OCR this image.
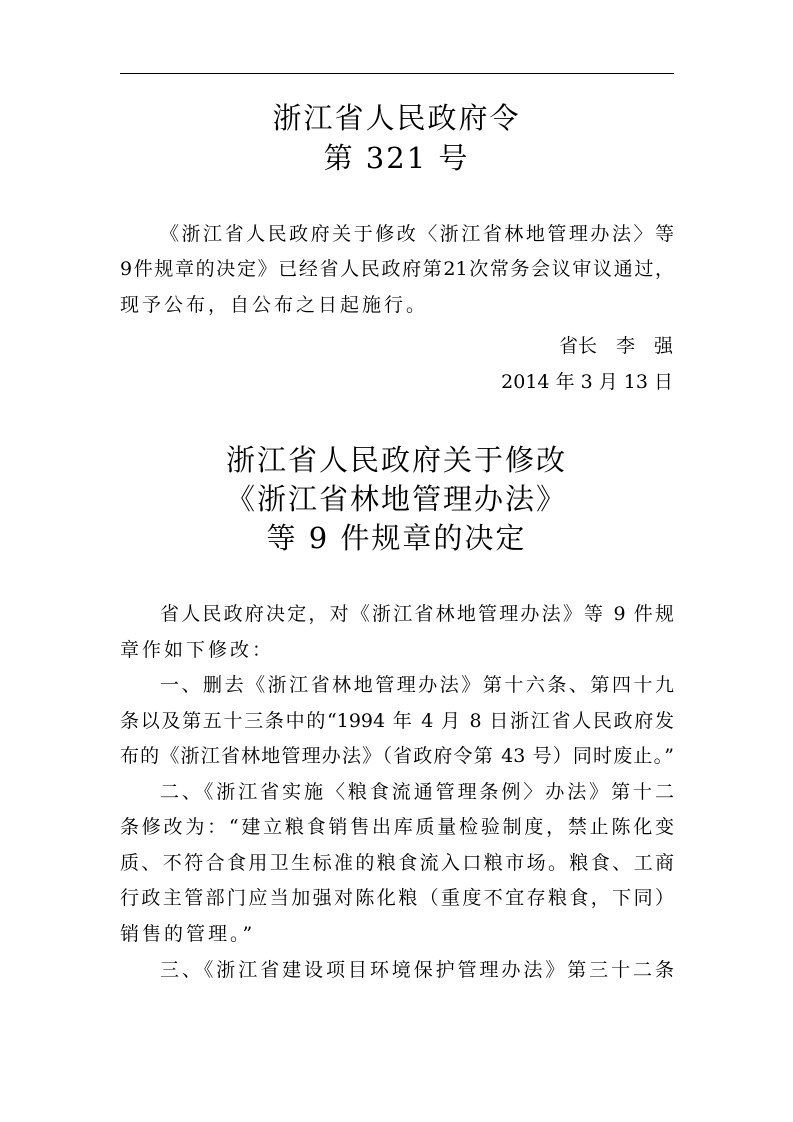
浙江省人民政府令
第 321 号
《浙江省人民政府关于修改〈浙江省林地管理办法〉等
9件规章的决定》已经省人民政府第21次常务会议审议通过，
现予公布，自公布之日起施行。
省长　李　强
2014 年 3 月 13 日
浙江省人民政府关于修改
《浙江省林地管理办法》
等 9 件规章的决定
省人民政府决定，对《浙江省林地管理办法》等 9 件规
章作如下修改：
一、删去《浙江省林地管理办法》第十六条、第四十九
条以及第五十三条中的“1994 年 4 月 8 日浙江省人民政府发
布的《浙江省林地管理办法》（省政府令第 43 号）同时废止。”
二、《浙江省实施〈粮食流通管理条例〉办法》第十二
条修改为：“建立粮食销售出库质量检验制度，禁止陈化变
质、不符合食用卫生标准的粮食流入口粮市场。粮食、工商
行政主管部门应当加强对陈化粮（重度不宜存粮食，下同）
销售的管理。”
三、《浙江省建设项目环境保护管理办法》第三十二条
